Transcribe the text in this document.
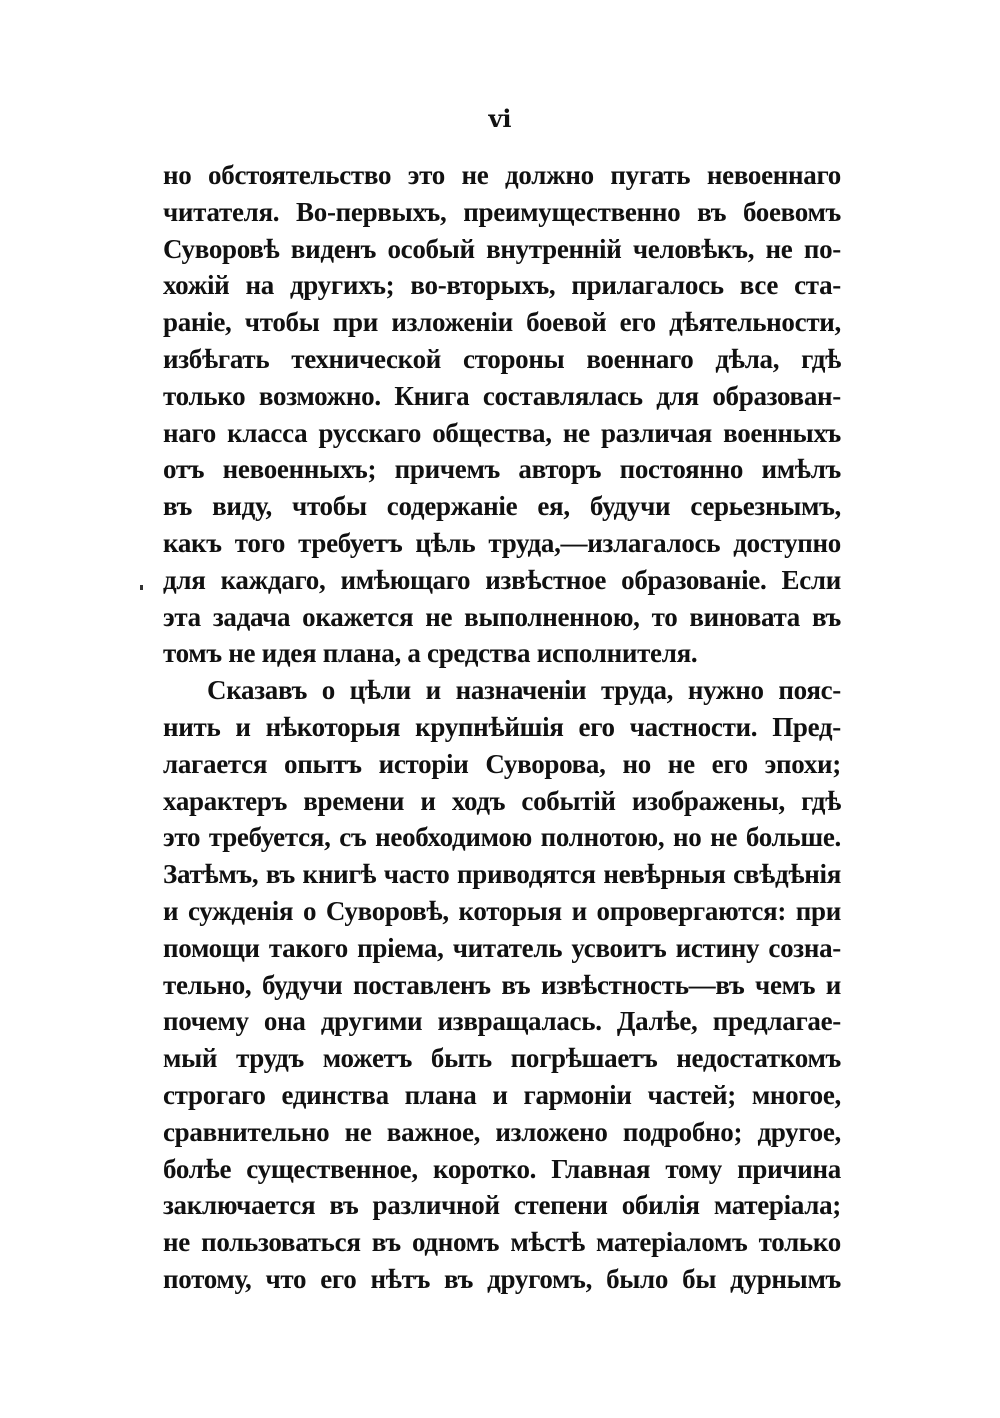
vi
но обстоятельство это не должно пугать невоеннаго
читателя. Во-первыхъ, преимущественно въ боевомъ
Суворовѣ виденъ особый внутренній человѣкъ, не по-
хожій на другихъ; во-вторыхъ, прилагалось все ста-
раніе, чтобы при изложеніи боевой его дѣятельности,
избѣгать технической стороны военнаго дѣла, гдѣ
только возможно. Книга составлялась для образован-
наго класса русскаго общества, не различая военныхъ
отъ невоенныхъ; причемъ авторъ постоянно имѣлъ
въ виду, чтобы содержаніе ея, будучи серьезнымъ,
какъ того требуетъ цѣль труда,—излагалось доступно
для каждаго, имѣющаго извѣстное образованіе. Если
эта задача окажется не выполненною, то виновата въ
томъ не идея плана, а средства исполнителя.
Сказавъ о цѣли и назначеніи труда, нужно пояс-
нить и нѣкоторыя крупнѣйшія его частности. Пред-
лагается опытъ исторіи Суворова, но не его эпохи;
характеръ времени и ходъ событій изображены, гдѣ
это требуется, съ необходимою полнотою, но не больше.
Затѣмъ, въ книгѣ часто приводятся невѣрныя свѣдѣнія
и сужденія о Суворовѣ, которыя и опровергаются: при
помощи такого пріема, читатель усвоитъ истину созна-
тельно, будучи поставленъ въ извѣстность—въ чемъ и
почему она другими извращалась. Далѣе, предлагае-
мый трудъ можетъ быть погрѣшаетъ недостаткомъ
строгаго единства плана и гармоніи частей; многое,
сравнительно не важное, изложено подробно; другое,
болѣе существенное, коротко. Главная тому причина
заключается въ различной степени обилія матеріала;
не пользоваться въ одномъ мѣстѣ матеріаломъ только
потому, что его нѣтъ въ другомъ, было бы дурнымъ
